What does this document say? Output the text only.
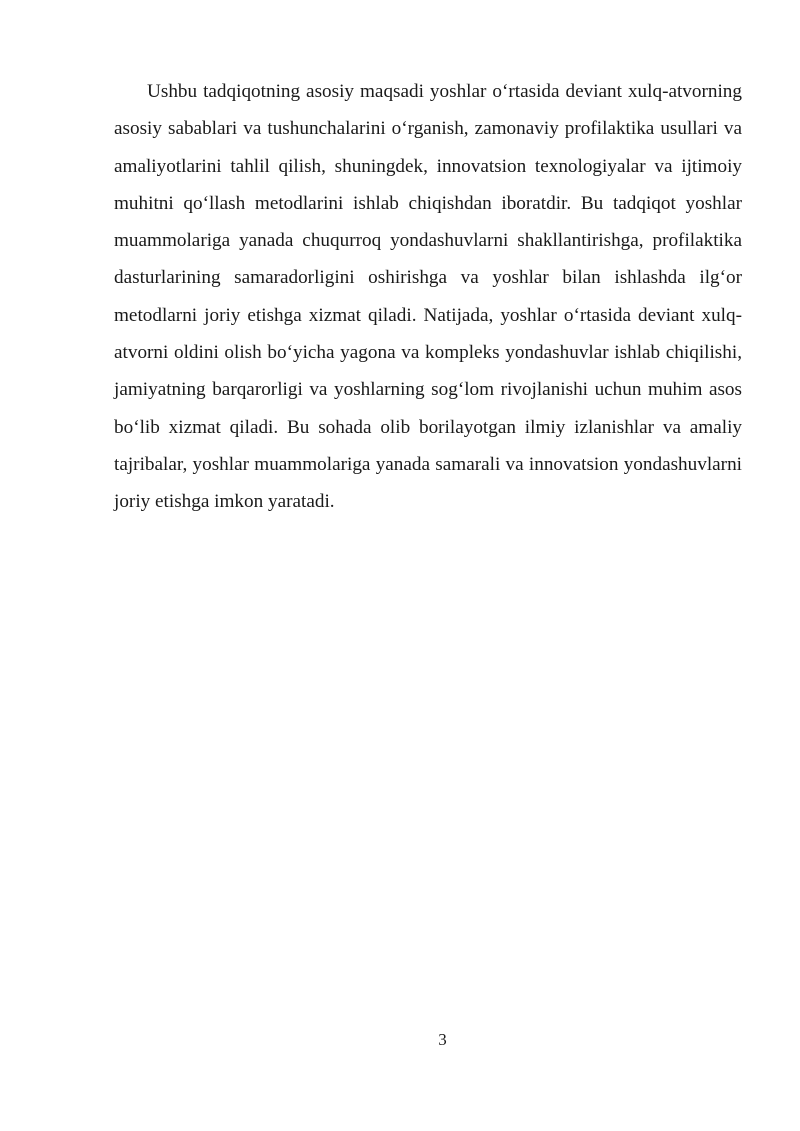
Ushbu tadqiqotning asosiy maqsadi yoshlar o‘rtasida deviant xulq-atvorning asosiy sabablari va tushunchalarini o‘rganish, zamonaviy profilaktika usullari va amaliyotlarini tahlil qilish, shuningdek, innovatsion texnologiyalar va ijtimoiy muhitni qo‘llash metodlarini ishlab chiqishdan iboratdir. Bu tadqiqot yoshlar muammolariga yanada chuqurroq yondashuvlarni shakllantirishga, profilaktika dasturlarining samaradorligini oshirishga va yoshlar bilan ishlashda ilg‘or metodlarni joriy etishga xizmat qiladi. Natijada, yoshlar o‘rtasida deviant xulq-atvorni oldini olish bo‘yicha yagona va kompleks yondashuvlar ishlab chiqilishi, jamiyatning barqarorligi va yoshlarning sog‘lom rivojlanishi uchun muhim asos bo‘lib xizmat qiladi. Bu sohada olib borilayotgan ilmiy izlanishlar va amaliy tajribalar, yoshlar muammolariga yanada samarali va innovatsion yondashuvlarni joriy etishga imkon yaratadi.

3
